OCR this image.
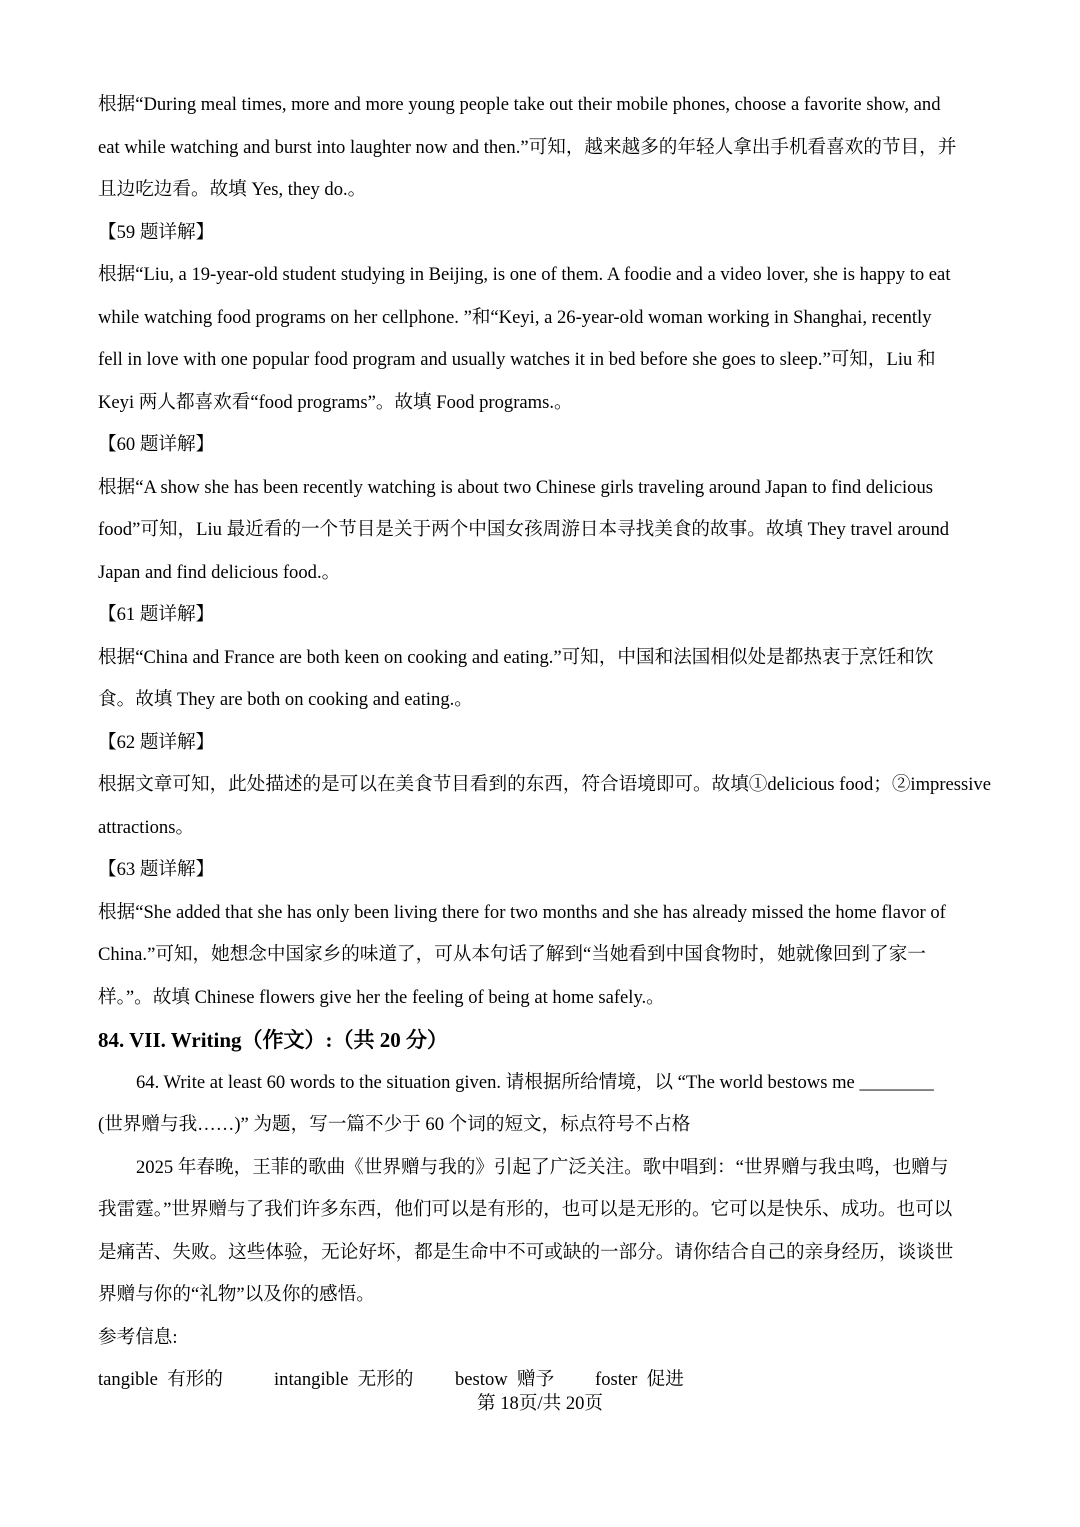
根据“During meal times, more and more young people take out their mobile phones, choose a favorite show, and
eat while watching and burst into laughter now and then.”可知，越来越多的年轻人拿出手机看喜欢的节目，并
且边吃边看。故填 Yes, they do.。
【59 题详解】
根据“Liu, a 19-year-old student studying in Beijing, is one of them. A foodie and a video lover, she is happy to eat
while watching food programs on her cellphone. ”和“Keyi, a 26-year-old woman working in Shanghai, recently
fell in love with one popular food program and usually watches it in bed before she goes to sleep.”可知，Liu 和
Keyi 两人都喜欢看“food programs”。故填 Food programs.。
【60 题详解】
根据“A show she has been recently watching is about two Chinese girls traveling around Japan to find delicious
food”可知，Liu 最近看的一个节目是关于两个中国女孩周游日本寻找美食的故事。故填 They travel around
Japan and find delicious food.。
【61 题详解】
根据“China and France are both keen on cooking and eating.”可知，中国和法国相似处是都热衷于烹饪和饮
食。故填 They are both on cooking and eating.。
【62 题详解】
根据文章可知，此处描述的是可以在美食节目看到的东西，符合语境即可。故填①delicious food；②impressive
attractions。
【63 题详解】
根据“She added that she has only been living there for two months and she has already missed the home flavor of
China.”可知，她想念中国家乡的味道了，可从本句话了解到“当她看到中国食物时，她就像回到了家一
样。”。故填 Chinese flowers give her the feeling of being at home safely.。
84. VII. Writing（作文）:（共 20 分）
64. Write at least 60 words to the situation given. 请根据所给情境，以 “The world bestows me ________
(世界赠与我……)” 为题，写一篇不少于 60 个词的短文，标点符号不占格
2025 年春晚，王菲的歌曲《世界赠与我的》引起了广泛关注。歌中唱到：“世界赠与我虫鸣，也赠与
我雷霆。”世界赠与了我们许多东西，他们可以是有形的，也可以是无形的。它可以是快乐、成功。也可以
是痛苦、失败。这些体验，无论好坏，都是生命中不可或缺的一部分。请你结合自己的亲身经历，谈谈世
界赠与你的“礼物”以及你的感悟。
参考信息:
tangible  有形的	intangible  无形的	bestow  赠予	foster  促进
第 18页/共 20页
